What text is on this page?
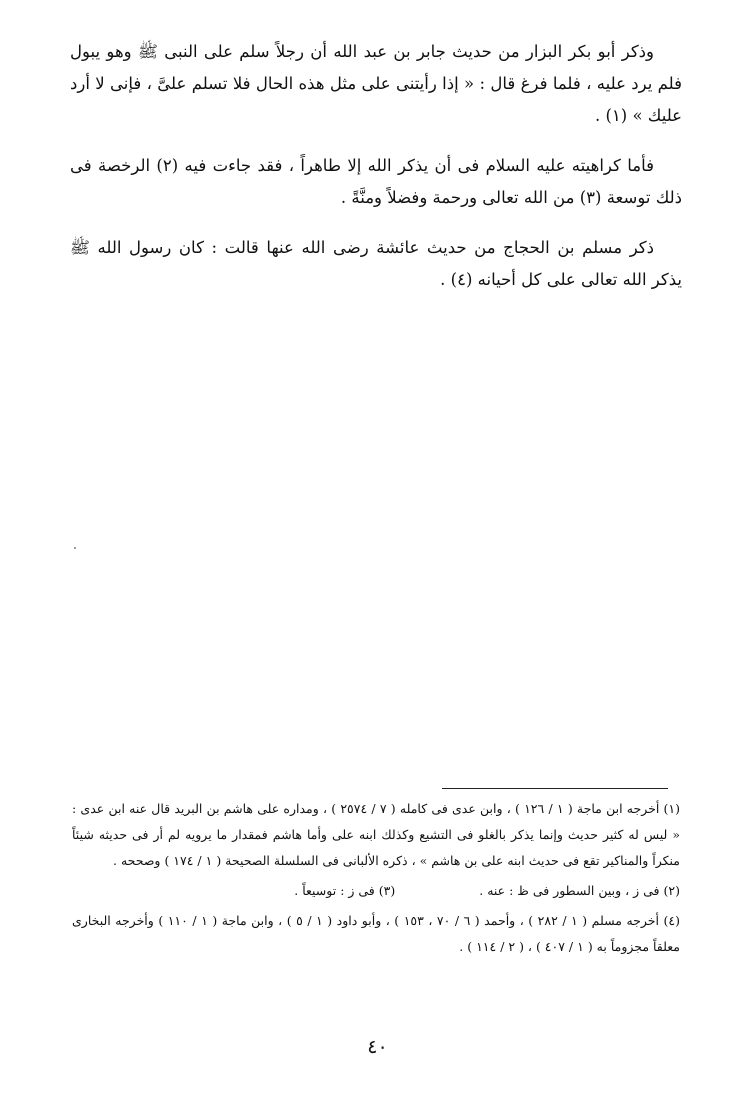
وذكر أبو بكر البزار من حديث جابر بن عبد الله أن رجلاً سلم على النبى ﷺ وهو يبول فلم يرد عليه ، فلما فرغ قال : « إذا رأيتنى على مثل هذه الحال فلا تسلم علىَّ ، فإنى لا أرد عليك » (١) .

فأما كراهيته عليه السلام فى أن يذكر الله إلا طاهراً ، فقد جاءت فيه (٢) الرخصة فى ذلك توسعة (٣) من الله تعالى ورحمة وفضلاً ومنَّةً .

ذكر مسلم بن الحجاج من حديث عائشة رضى الله عنها قالت : كان رسول الله ﷺ يذكر الله تعالى على كل أحيانه (٤) .

(١) أخرجه ابن ماجة ( ١ / ١٢٦ ) ، وابن عدى فى كامله ( ٧ / ٢٥٧٤ ) ، ومداره على هاشم بن البريد قال عنه ابن عدى : « ليس له كثير حديث وإنما يذكر بالغلو فى التشيع وكذلك ابنه على وأما هاشم فمقدار ما يرويه لم أر فى حديثه شيئاً منكراً والمناكير تقع فى حديث ابنه على بن هاشم » ، ذكره الألبانى فى السلسلة الصحيحة ( ١ / ١٧٤ ) وصححه .

(٢) فى ز ، وبين السطور فى ظ : عنه .

(٣) فى ز : توسيعاً .

(٤) أخرجه مسلم ( ١ / ٢٨٢ ) ، وأحمد ( ٦ / ٧٠ ، ١٥٣ ) ، وأبو داود ( ١ / ٥ ) ، وابن ماجة ( ١ / ١١٠ ) وأخرجه البخارى معلقاً مجزوماً به ( ١ / ٤٠٧ ) ، ( ٢ / ١١٤ ) .

٤٠
